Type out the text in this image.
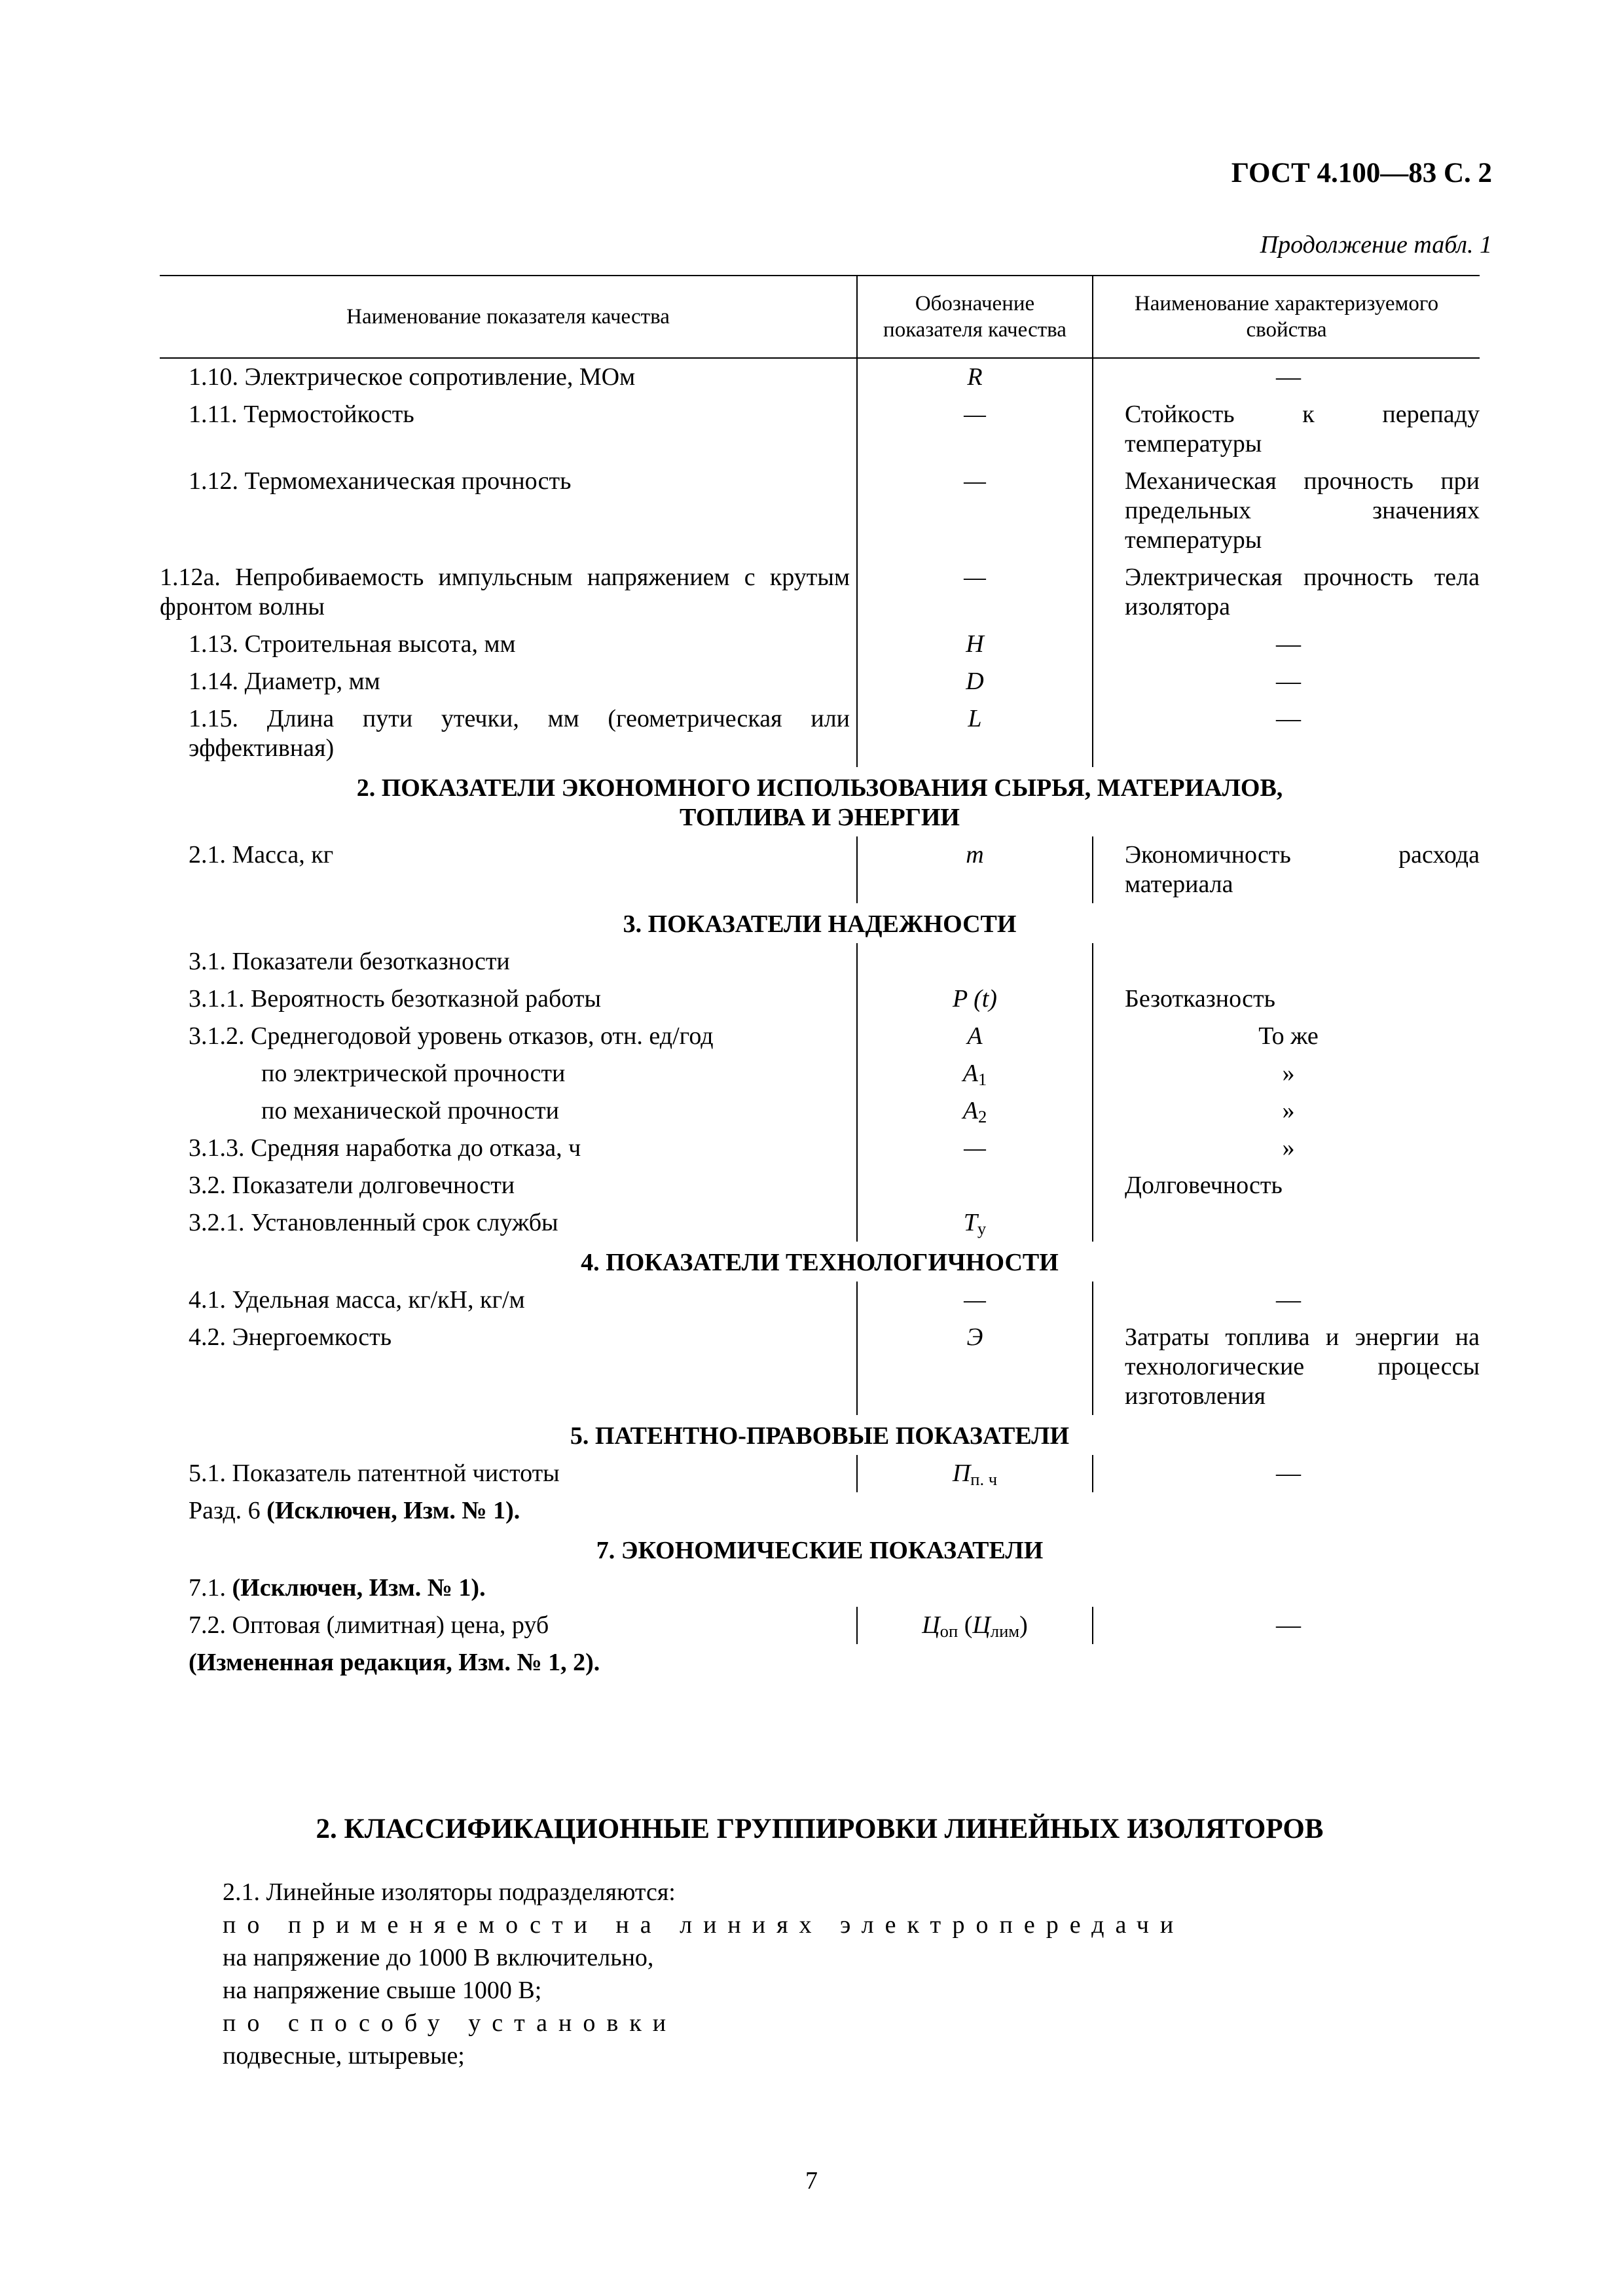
ГОСТ 4.100—83 С. 2
Продолжение табл. 1
Наименование показателя качества	Обозначение показателя качества	Наименование характеризуемого свойства

1.10. Электрическое сопротивление, МОм	R	—

1.11. Термостойкость	—	Стойкость к перепаду температуры

1.12. Термомеханическая прочность	—	Механическая прочность при предельных значениях температуры

1.12а. Непробиваемость импульсным напряжением с крутым фронтом волны	—	Электрическая прочность тела изолятора

1.13. Строительная высота, мм	H	—

1.14. Диаметр, мм	D	—

1.15. Длина пути утечки, мм (геометрическая или эффективная)	L	—

2. ПОКАЗАТЕЛИ ЭКОНОМНОГО ИСПОЛЬЗОВАНИЯ СЫРЬЯ, МАТЕРИАЛОВ, ТОПЛИВА И ЭНЕРГИИ		

2.1. Масса, кг	m	Экономичность расхода материала
3. ПОКАЗАТЕЛИ НАДЕЖНОСТИ		

3.1. Показатели безотказности		

3.1.1. Вероятность безотказной работы	P (t)	Безотказность

3.1.2. Среднегодовой уровень отказов, отн. ед/год	A	То же

по электрической прочности	$A_1$	»

по механической прочности	$A_2$	»

3.1.3. Средняя наработка до отказа, ч	—	»

3.2. Показатели долговечности		Долговечность

3.2.1. Установленный срок службы	$T_у$	
4. ПОКАЗАТЕЛИ ТЕХНОЛОГИЧНОСТИ		

4.1. Удельная масса, кг/кН, кг/м	—	—

4.2. Энергоемкость	Э	Затраты топлива и энергии на технологические процессы изготовления
5. ПАТЕНТНО-ПРАВОВЫЕ ПОКАЗАТЕЛИ		

5.1. Показатель патентной чистоты	$П_{п. ч}$	—
Разд. 6 (Исключен, Изм. № 1).		
7. ЭКОНОМИЧЕСКИЕ ПОКАЗАТЕЛИ		
7.1. (Исключен, Изм. № 1).		

7.2. Оптовая (лимитная) цена, руб	$Ц_{оп}$ $(Ц_{лим})$	—
(Измененная редакция, Изм. № 1, 2).		
2. КЛАССИФИКАЦИОННЫЕ ГРУППИРОВКИ ЛИНЕЙНЫХ ИЗОЛЯТОРОВ
2.1. Линейные изоляторы подразделяются:
по применяемости на линиях электропередачи
на напряжение до 1000 В включительно,
на напряжение свыше 1000 В;
по способу установки
подвесные, штыревые;
7
